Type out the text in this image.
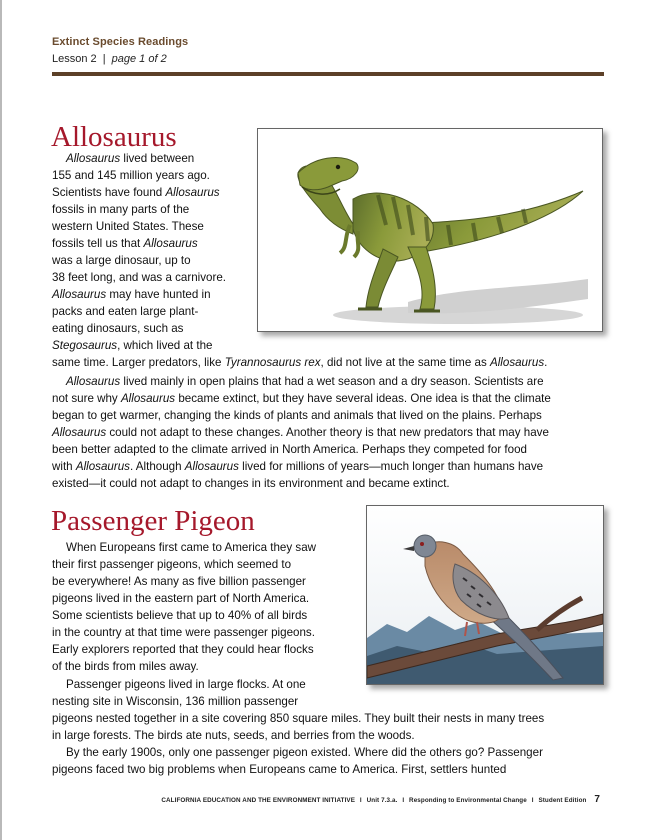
Extinct Species Readings
Lesson 2 | page 1 of 2
Allosaurus
Allosaurus lived between
155 and 145 million years ago.
Scientists have found Allosaurus
fossils in many parts of the
western United States. These
fossils tell us that Allosaurus
was a large dinosaur, up to
38 feet long, and was a carnivore.
Allosaurus may have hunted in
packs and eaten large plant-
eating dinosaurs, such as
Stegosaurus, which lived at the
same time. Larger predators, like Tyrannosaurus rex, did not live at the same time as Allosaurus.
Allosaurus lived mainly in open plains that had a wet season and a dry season. Scientists are
not sure why Allosaurus became extinct, but they have several ideas. One idea is that the climate
began to get warmer, changing the kinds of plants and animals that lived on the plains. Perhaps
Allosaurus could not adapt to these changes. Another theory is that new predators that may have
been better adapted to the climate arrived in North America. Perhaps they competed for food
with Allosaurus. Although Allosaurus lived for millions of years—much longer than humans have
existed—it could not adapt to changes in its environment and became extinct.
Passenger Pigeon
When Europeans first came to America they saw
their first passenger pigeons, which seemed to
be everywhere! As many as five billion passenger
pigeons lived in the eastern part of North America.
Some scientists believe that up to 40% of all birds
in the country at that time were passenger pigeons.
Early explorers reported that they could hear flocks
of the birds from miles away.
Passenger pigeons lived in large flocks. At one
nesting site in Wisconsin, 136 million passenger
pigeons nested together in a site covering 850 square miles. They built their nests in many trees
in large forests. The birds ate nuts, seeds, and berries from the woods.
By the early 1900s, only one passenger pigeon existed. Where did the others go? Passenger
pigeons faced two big problems when Europeans came to America. First, settlers hunted
CALIFORNIA EDUCATION AND THE ENVIRONMENT INITIATIVE I Unit 7.3.a. I Responding to Environmental Change I Student Edition 7
